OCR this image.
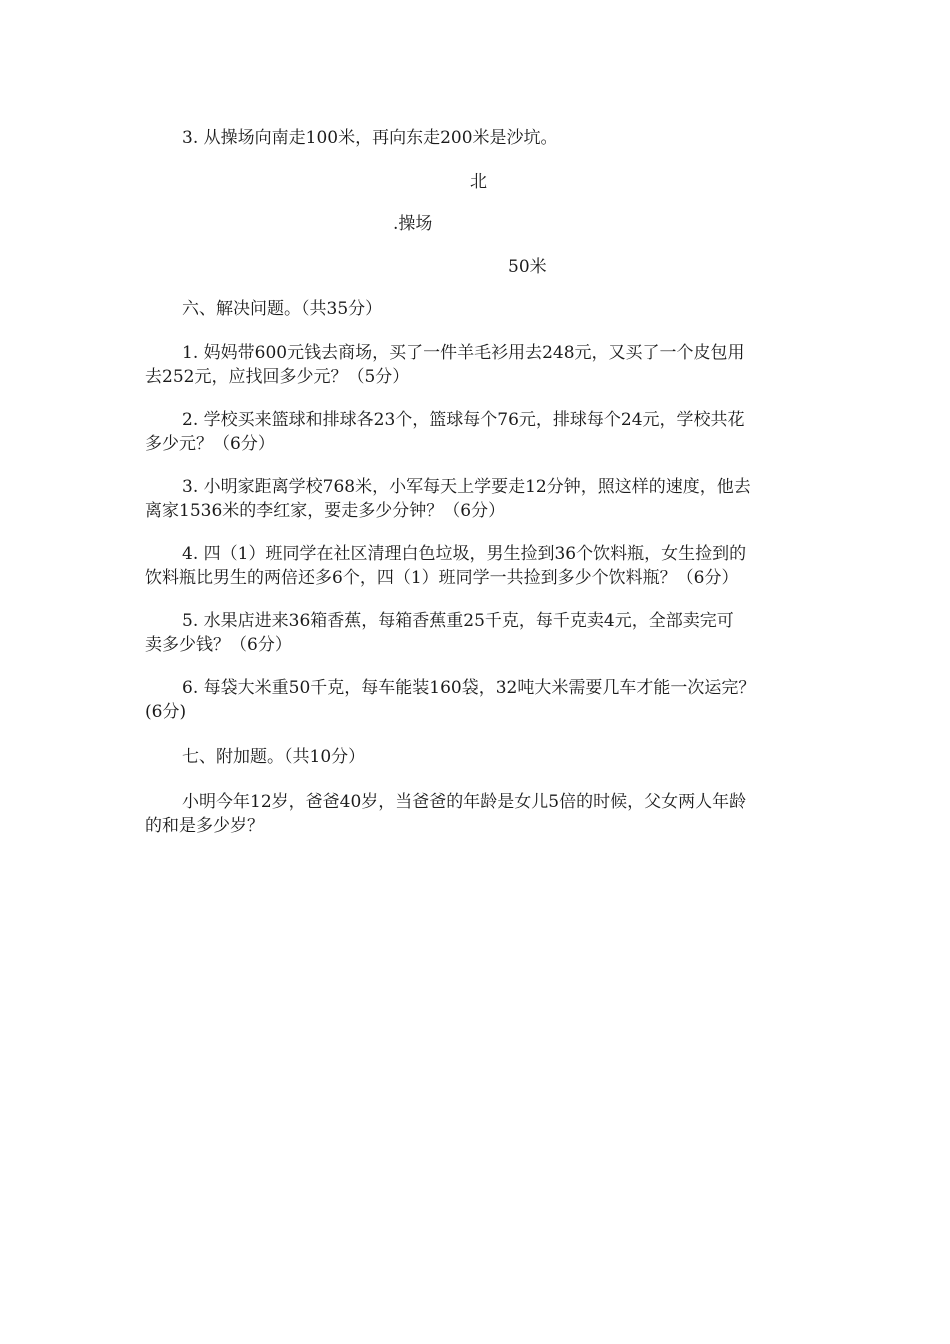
3. 从操场向南走100米，再向东走200米是沙坑。
北
.操场
50米
六、解决问题。（共35分）
1. 妈妈带600元钱去商场，买了一件羊毛衫用去248元，又买了一个皮包用
去252元，应找回多少元？（5分）
2. 学校买来篮球和排球各23个，篮球每个76元，排球每个24元，学校共花
多少元？（6分）
3. 小明家距离学校768米，小军每天上学要走12分钟，照这样的速度，他去
离家1536米的李红家，要走多少分钟？（6分）
4. 四（1）班同学在社区清理白色垃圾，男生捡到36个饮料瓶，女生捡到的
饮料瓶比男生的两倍还多6个，四（1）班同学一共捡到多少个饮料瓶？（6分）
5. 水果店进来36箱香蕉，每箱香蕉重25千克，每千克卖4元，全部卖完可
卖多少钱？（6分）
6. 每袋大米重50千克，每车能装160袋，32吨大米需要几车才能一次运完？
(6分)
七、附加题。（共10分）
小明今年12岁，爸爸40岁，当爸爸的年龄是女儿5倍的时候，父女两人年龄
的和是多少岁？
